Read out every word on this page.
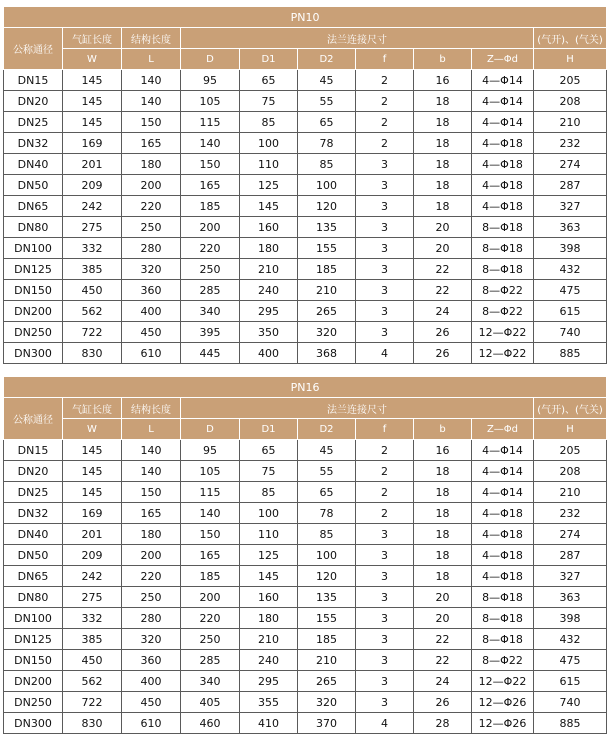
PN10									
公称通径	气缸长度	结构长度	法兰连接尺寸						(气开)、(气关)
	W	L	D	D1	D2	f	b	Z—Φd	H
DN15	145	140	95	65	45	2	16	4—Φ14	205
DN20	145	140	105	75	55	2	18	4—Φ14	208
DN25	145	150	115	85	65	2	18	4—Φ14	210
DN32	169	165	140	100	78	2	18	4—Φ18	232
DN40	201	180	150	110	85	3	18	4—Φ18	274
DN50	209	200	165	125	100	3	18	4—Φ18	287
DN65	242	220	185	145	120	3	18	4—Φ18	327
DN80	275	250	200	160	135	3	20	8—Φ18	363
DN100	332	280	220	180	155	3	20	8—Φ18	398
DN125	385	320	250	210	185	3	22	8—Φ18	432
DN150	450	360	285	240	210	3	22	8—Φ22	475
DN200	562	400	340	295	265	3	24	8—Φ22	615
DN250	722	450	395	350	320	3	26	12—Φ22	740
DN300	830	610	445	400	368	4	26	12—Φ22	885
PN16									
公称通径	气缸长度	结构长度	法兰连接尺寸						(气开)、(气关)
	W	L	D	D1	D2	f	b	Z—Φd	H
DN15	145	140	95	65	45	2	16	4—Φ14	205
DN20	145	140	105	75	55	2	18	4—Φ14	208
DN25	145	150	115	85	65	2	18	4—Φ14	210
DN32	169	165	140	100	78	2	18	4—Φ18	232
DN40	201	180	150	110	85	3	18	4—Φ18	274
DN50	209	200	165	125	100	3	18	4—Φ18	287
DN65	242	220	185	145	120	3	18	4—Φ18	327
DN80	275	250	200	160	135	3	20	8—Φ18	363
DN100	332	280	220	180	155	3	20	8—Φ18	398
DN125	385	320	250	210	185	3	22	8—Φ18	432
DN150	450	360	285	240	210	3	22	8—Φ22	475
DN200	562	400	340	295	265	3	24	12—Φ22	615
DN250	722	450	405	355	320	3	26	12—Φ26	740
DN300	830	610	460	410	370	4	28	12—Φ26	885
